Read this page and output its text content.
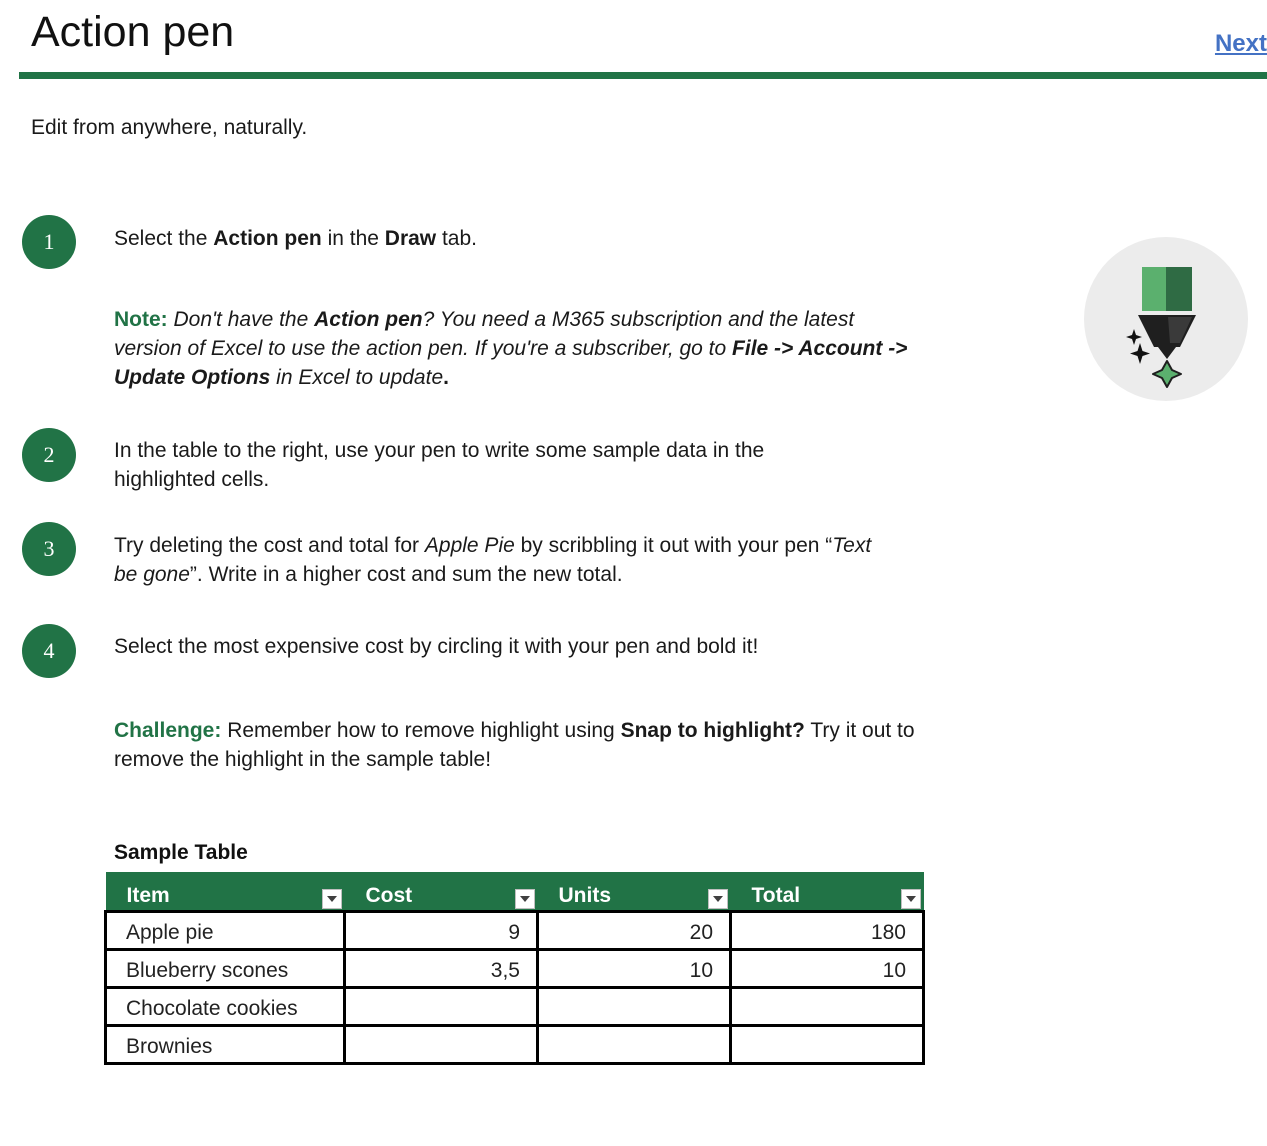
Action pen	Next
Edit from anywhere, naturally.
1
2
3
4
Select the Action pen in the Draw tab.
Note: Don't have the Action pen? You need a M365 subscription and the latest version of Excel to use the action pen. If you're a subscriber, go to File -> Account -> Update Options in Excel to update.
In the table to the right, use your pen to write some sample data in the highlighted cells.
Try deleting the cost and total for Apple Pie by scribbling it out with your pen “Text be gone”. Write in a higher cost and sum the new total.
Select the most expensive cost by circling it with your pen and bold it!
Challenge: Remember how to remove highlight using Snap to highlight? Try it out to remove the highlight in the sample table!
Sample Table
Item	Cost	Units	Total

Apple pie	9	20	180
Blueberry scones	3,5	10	10
Chocolate cookies			
Brownies			
